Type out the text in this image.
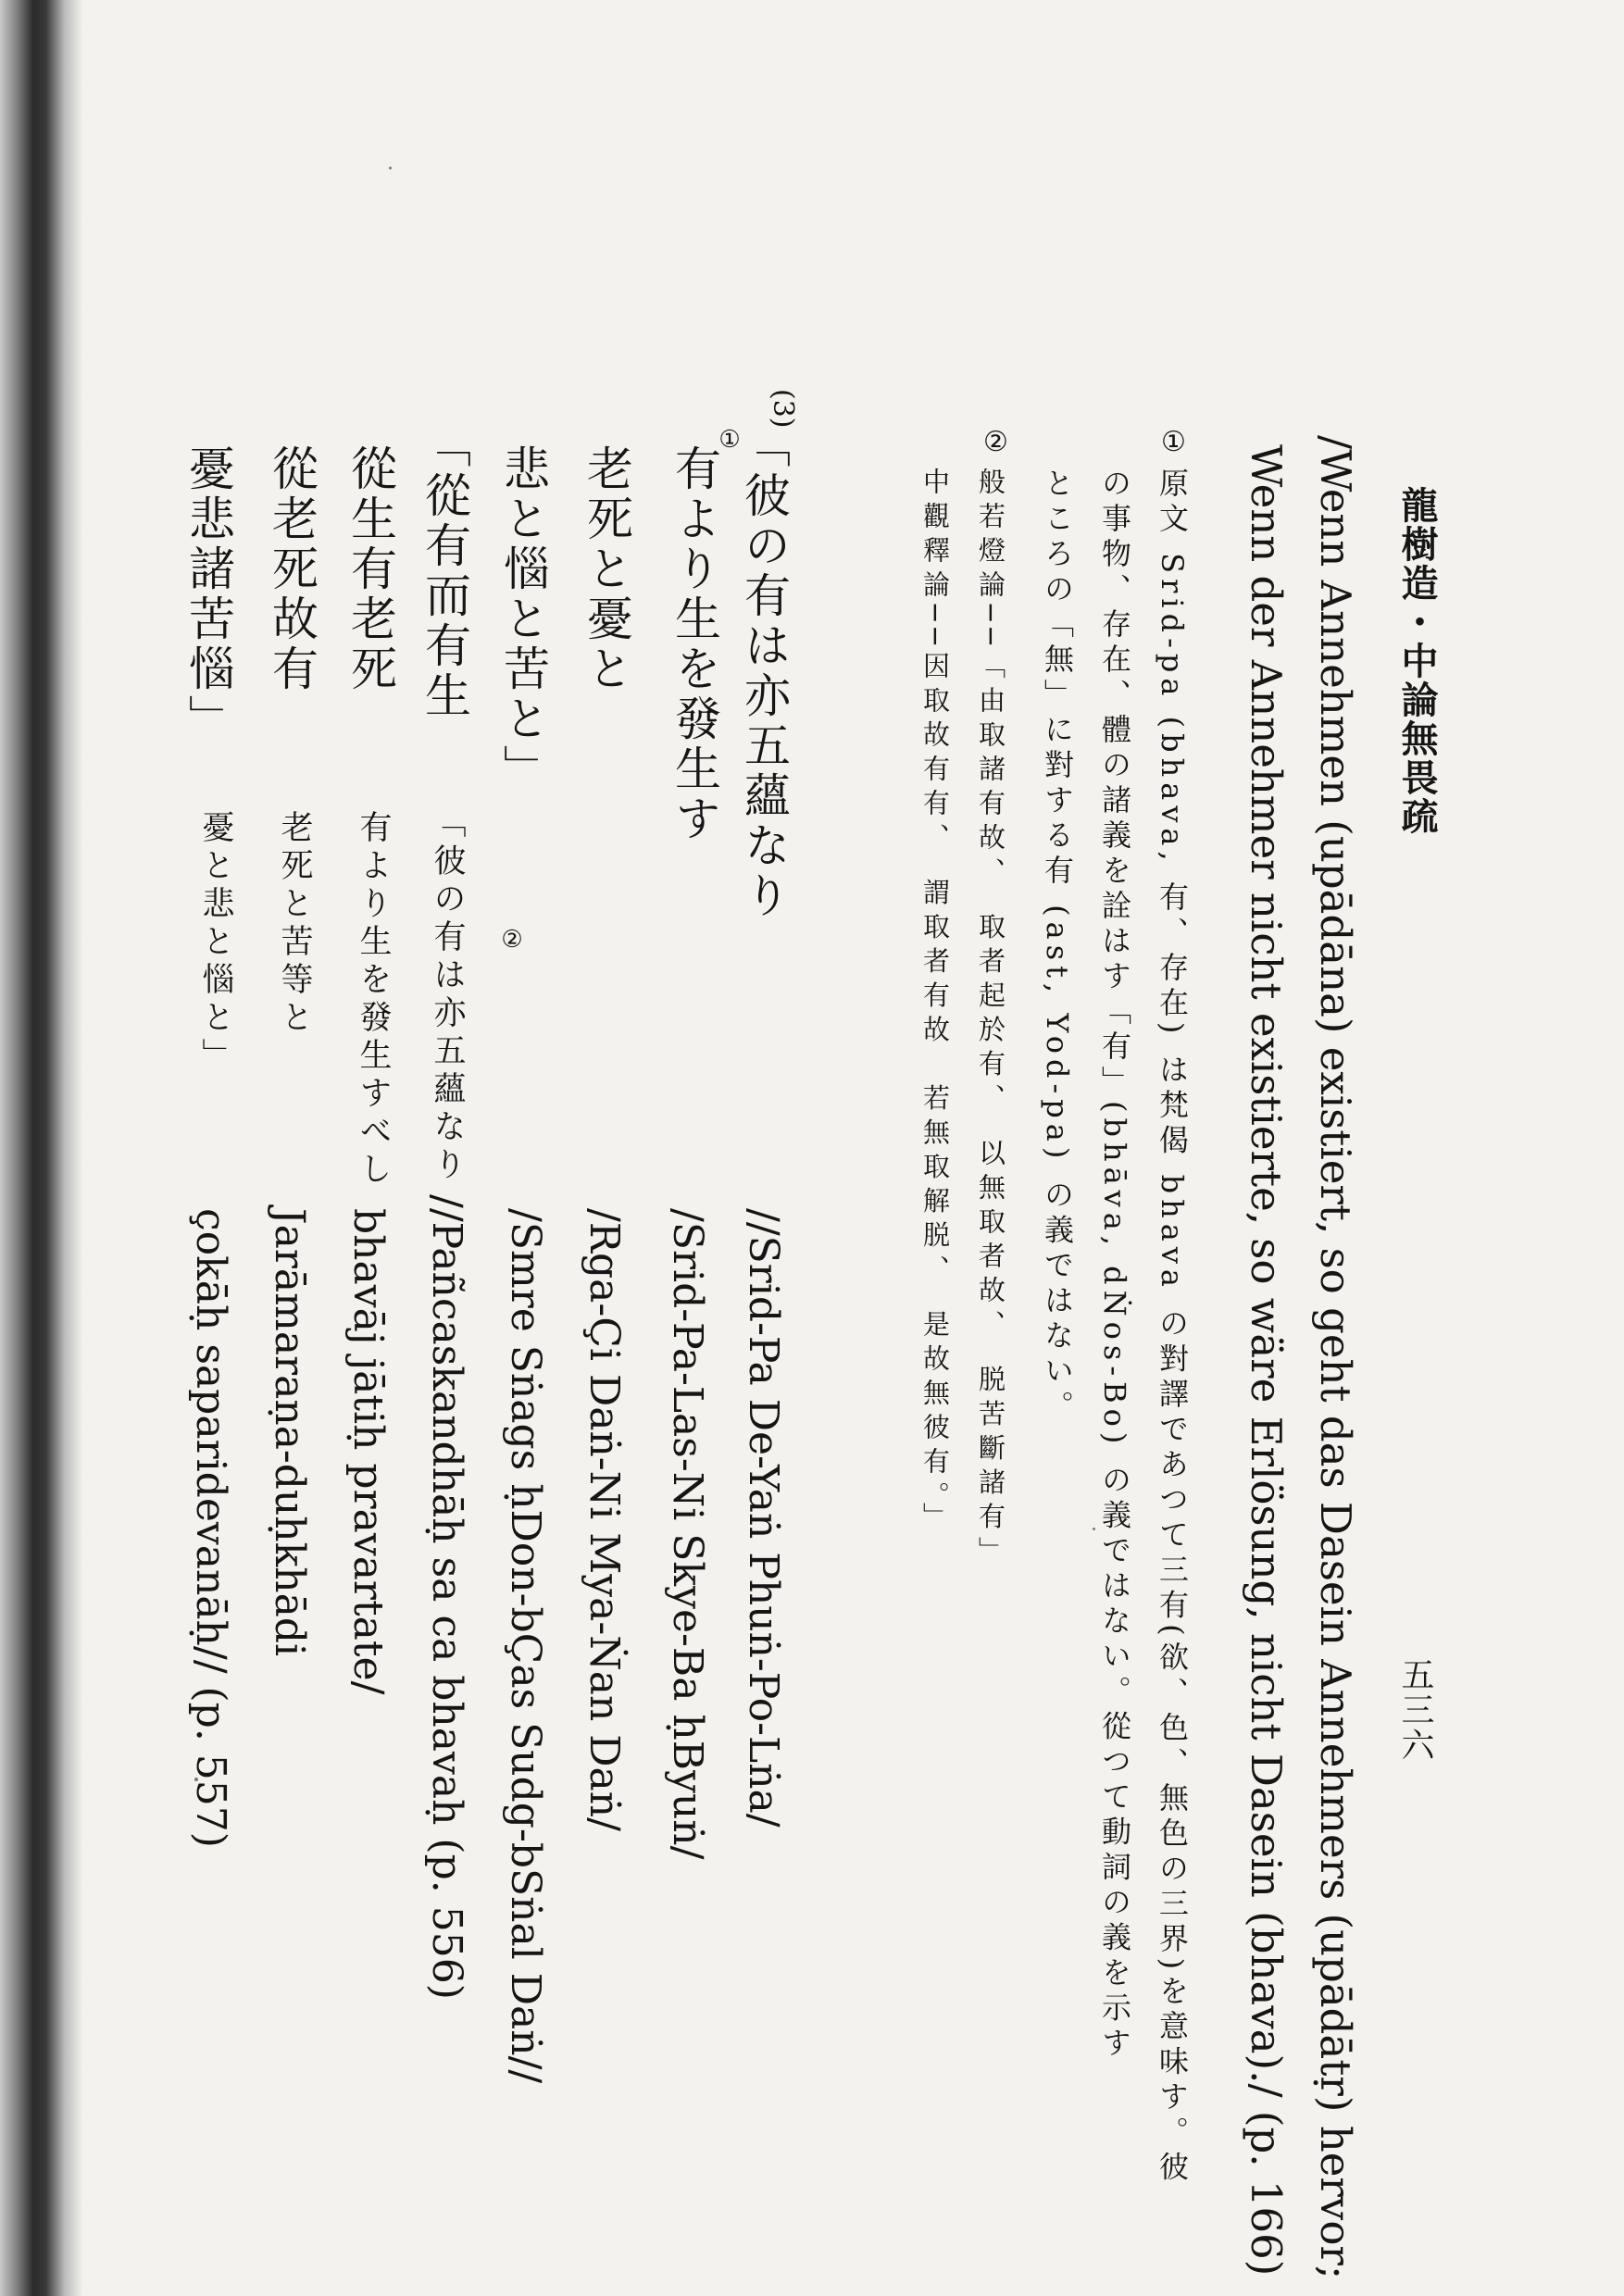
龍樹造・中論無畏疏
五三六
/Wenn Annehmen (upādāna) existiert, so geht das Dasein Annehmers (upādātṛ) hervor;
Wenn der Annehmer nicht existierte, so wäre Erlösung, nicht Dasein (bhava)./ (p. 166)
①
原文 Srid-pa (bhava, 有、存在) は梵偈 bhava の對譯であつて三有(欲、色、無色の三界)を意味す。彼
の事物、存在、體の諸義を詮はす「有」(bhāva, dṄos-Bo) の義ではない。從つて動詞の義を示す
ところの「無」に對する有 (ast, Yod-pa) の義ではない。
②
般若燈論──「由取諸有故、　取者起於有、　以無取者故、　脱苦斷諸有」
中觀釋論──因取故有有、　謂取者有故　若無取解脱、　是故無彼有。」
(3)
①
②
「彼の有は亦五蘊なり
有より生を發生す
老死と憂と
悲と惱と苦と」
「從有而有生
從生有老死
從老死故有
憂悲諸苦惱」
「彼の有は亦五蘊なり
有より生を發生すべし
老死と苦等と
憂と悲と惱と」
//Srid-Pa De-Yaṅ Phuṅ-Po-Lṅa/
/Srid-Pa-Las-Ni Skye-Ba ḥByuṅ/
/Rga-Çi Daṅ-Ni Mya-Ṅan Daṅ/
/Smre Sṅags ḥDon-bÇas Sudg-bSṅal Daṅ//
//Pañcaskandhāḥ sa ca bhavaḥ (p. 556)
bhavāj jātiḥ pravartate/
Jarāmaraṇa-duḥkhādi
çokāḥ saparidevanāḥ// (p. 557)
